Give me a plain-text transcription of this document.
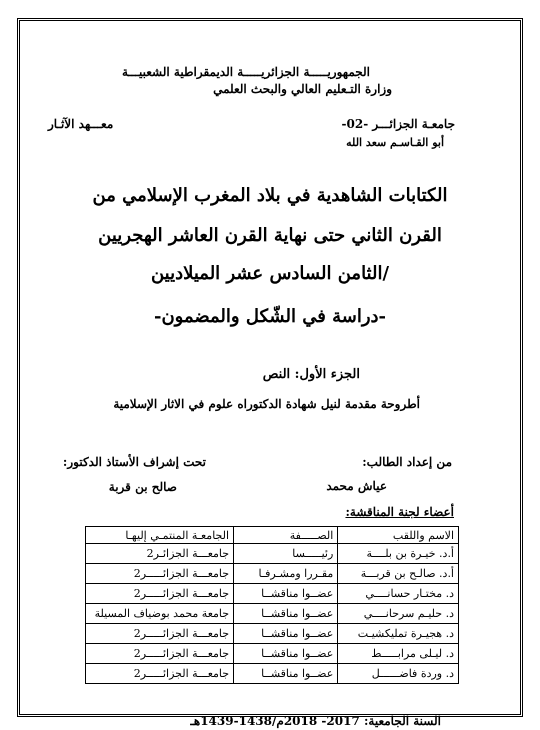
الجمهوريـــــة الجزائريـــــة الديمقراطية الشعبيـــة
وزارة التـعليم العالي والبحث العلمي
جامعـة الجزائـــر -02-
معـــهد الآثـار
أبو القـاسـم سعد الله
الكتابات الشاهدية في بلاد المغرب الإسلامي من
القرن الثاني حتى نهاية القرن العاشر الهجريين
/الثامن السادس عشر الميلاديين
-دراسة في الشّكل والمضمون-
الجزء الأول: النص
أطروحة مقدمة لنيل شهادة الدكتوراه علوم في الاثار الإسلامية
من إعداد الطالب:
تحت إشراف الأستاذ الدكتور:
عياش محمد
صالح بن قربة
أعضاء لجنة المناقشة:
الاسم واللقب	الصـــــفة	الجامعـة المنتمـي إليهـا
أ.د. خيـرة بن بلــــة	رئيـــــسا	جامعـــة الجزائـر2
أ.د. صالـح بن قربـــة	مقـررا ومشـرفـا	جامعـــة الجزائـــــر2
د. مختـار حسانــــي	عضــوا مناقشــا	جامعـــة الجزائـــــر2
د. حليـم سرحانــــي	عضــوا مناقشــا	جامعة محمد بوضياف المسيلة
د. هجيـرة تمليكشيـت	عضــوا مناقشــا	جامعـــة الجزائـــــر2
د. ليـلى مرابـــــط	عضــوا مناقشــا	جامعـــة الجزائـــــر2
د. وردة فاضــــــل	عضــوا مناقشــا	جامعـــة الجزائـــــر2
السنة الجامعية: 2017- 2018م/1438-1439هـ
